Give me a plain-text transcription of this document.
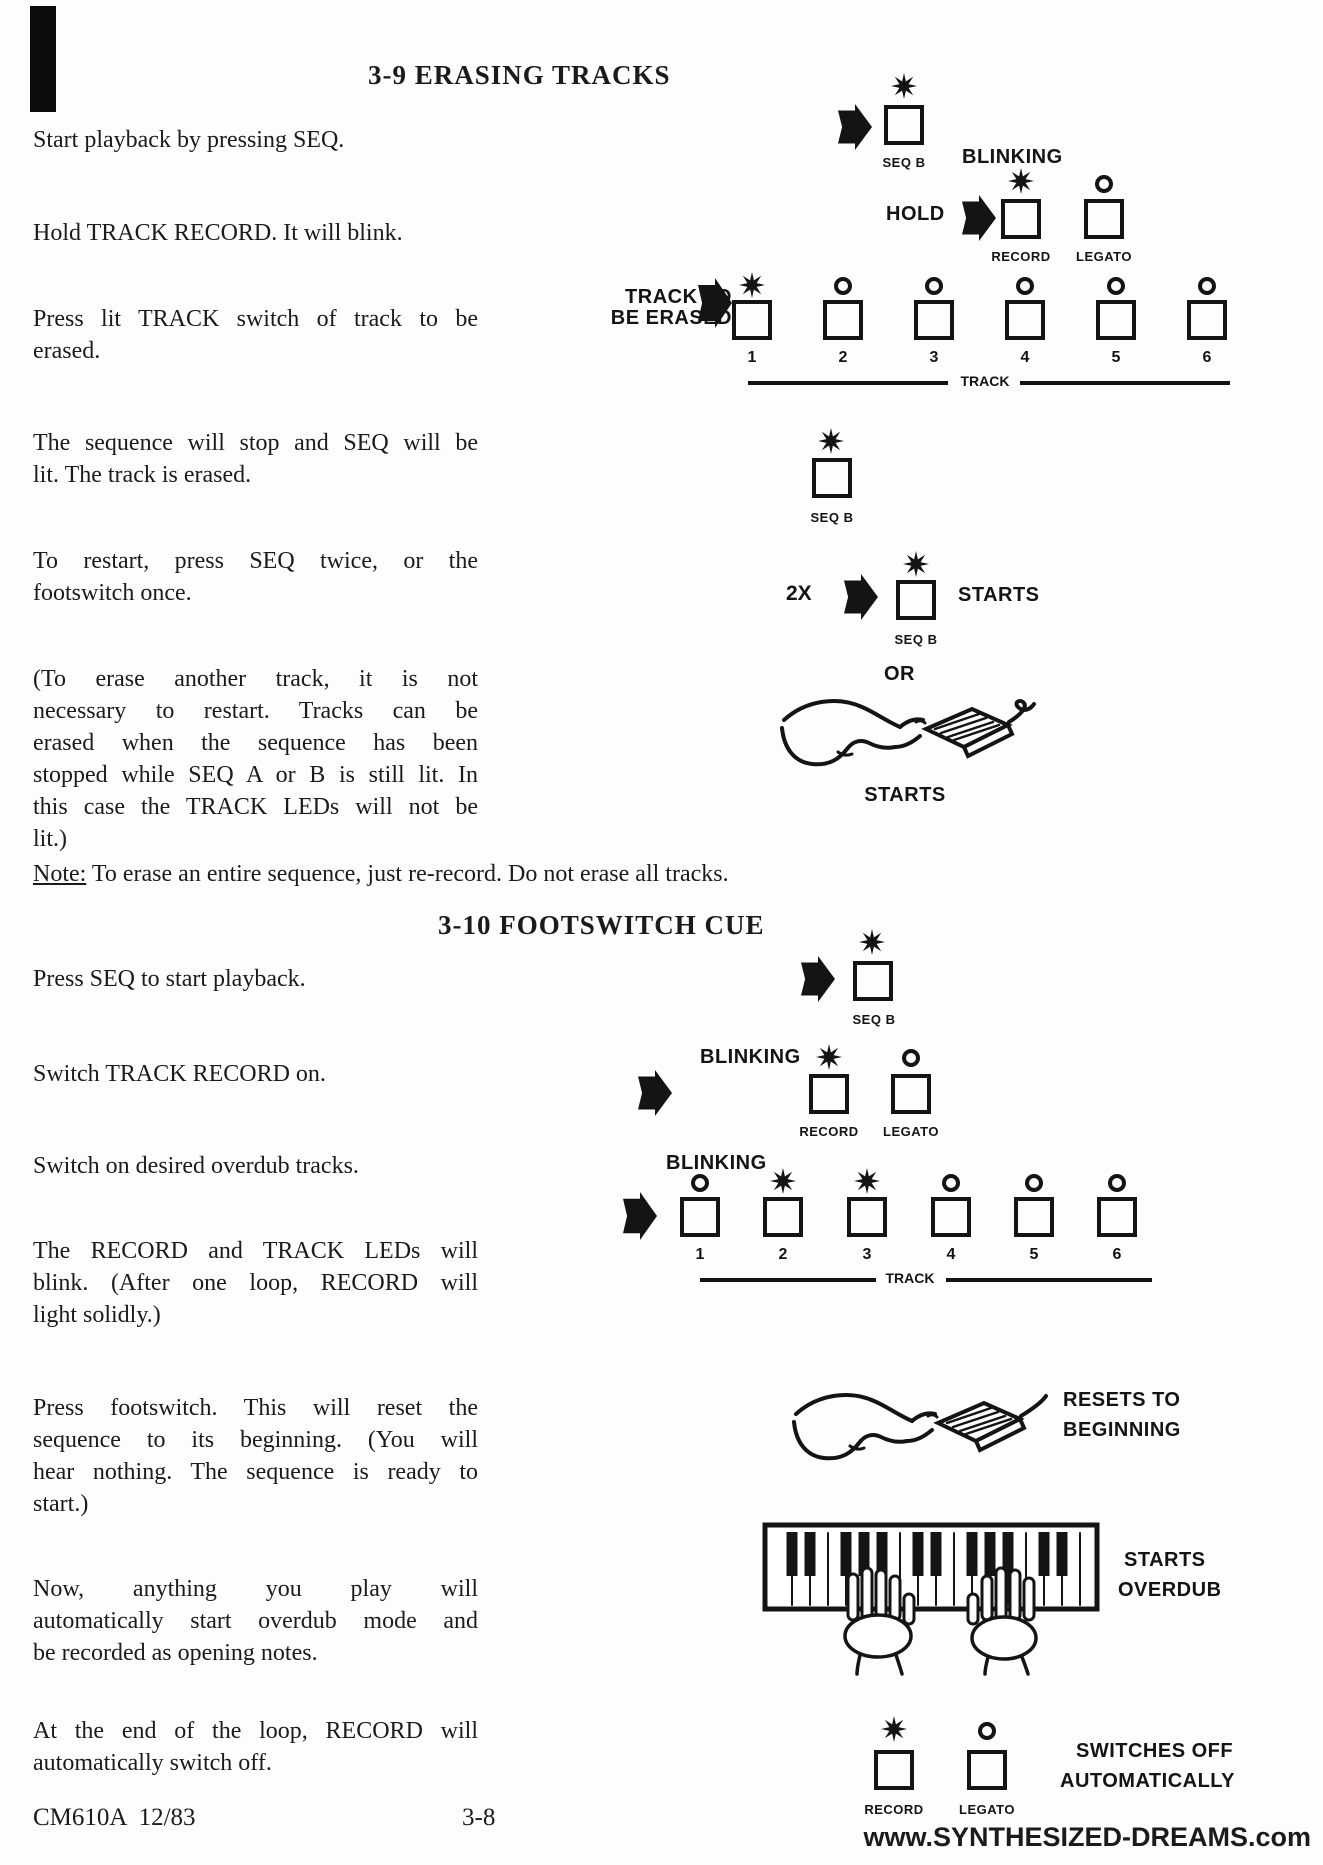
3-9 ERASING TRACKS
Start playback by pressing SEQ.
Hold TRACK RECORD. It will blink.
Press lit TRACK switch of track to be
erased.
The sequence will stop and SEQ will be
lit. The track is erased.
To restart, press SEQ twice, or the
footswitch once.
(To erase another track, it is not
necessary to restart. Tracks can be
erased when the sequence has been
stopped while SEQ A or B is still lit. In
this case the TRACK LEDs will not be
lit.)
Note: To erase an entire sequence, just re-record. Do not erase all tracks.
SEQ B	BLINKING
HOLD
RECORD	LEGATO
TRACK TO
BE ERASED
1	2	3	4	5	6
TRACK
SEQ B
2X	STARTS
SEQ B
OR
STARTS
3-10 FOOTSWITCH CUE
Press SEQ to start playback.
Switch TRACK RECORD on.
Switch on desired overdub tracks.
The RECORD and TRACK LEDs will
blink. (After one loop, RECORD will
light solidly.)
Press footswitch. This will reset the
sequence to its beginning. (You will
hear nothing. The sequence is ready to
start.)
Now, anything you play will
automatically start overdub mode and
be recorded as opening notes.
At the end of the loop, RECORD will
automatically switch off.
SEQ B
BLINKING
RECORD	LEGATO
BLINKING
1	2	3	4	5	6
TRACK
RESETS TO
BEGINNING
STARTS
OVERDUB
RECORD	LEGATO
SWITCHES OFF
AUTOMATICALLY
CM610A  12/83	3-8
www.SYNTHESIZED-DREAMS.com
